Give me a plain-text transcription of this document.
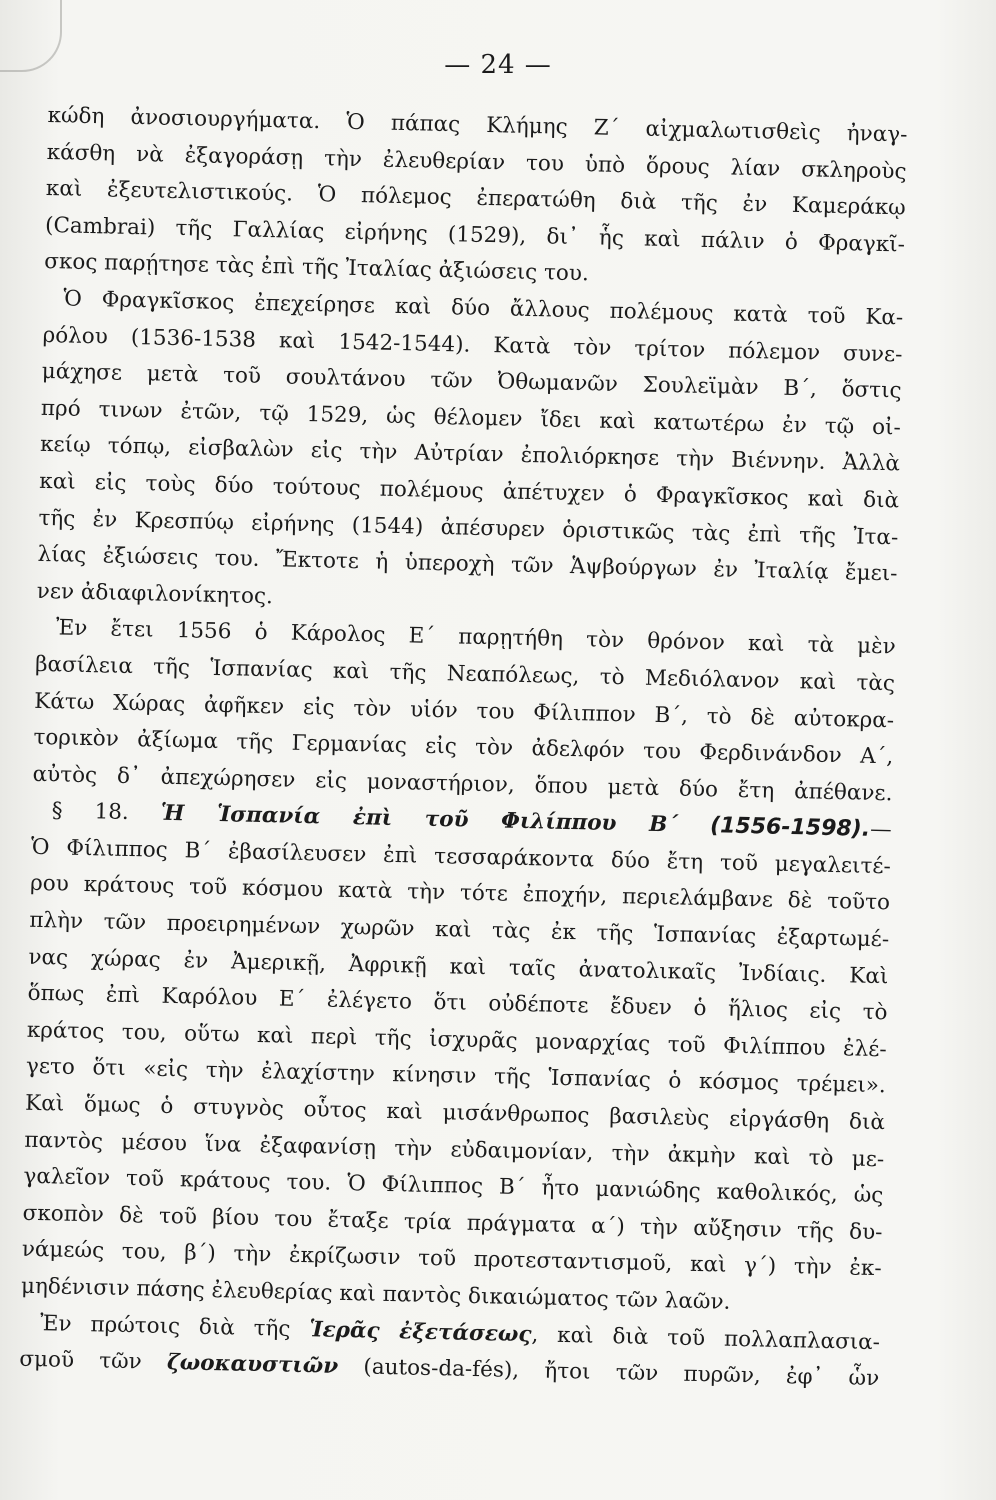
— 24 —
κώδη ἀνοσιουργήματα. Ὁ πάπας Κλήμης Ζ΄ αἰχμαλωτισθεὶς ἠναγ-
κάσθη νὰ ἐξαγοράσῃ τὴν ἐλευθερίαν του ὑπὸ ὅρους λίαν σκληροὺς
καὶ ἐξευτελιστικούς. Ὁ πόλεμος ἐπερατώθη διὰ τῆς ἐν Καμεράκῳ
(Cambrai) τῆς Γαλλίας εἰρήνης (1529), δι᾿ ἧς καὶ πάλιν ὁ Φραγκῖ-
σκος παρῄτησε τὰς ἐπὶ τῆς Ἰταλίας ἀξιώσεις του.
Ὁ Φραγκῖσκος ἐπεχείρησε καὶ δύο ἄλλους πολέμους κατὰ τοῦ Κα-
ρόλου (1536-1538 καὶ 1542-1544). Κατὰ τὸν τρίτον πόλεμον συνε-
μάχησε μετὰ τοῦ σουλτάνου τῶν Ὀθωμανῶν Σουλεϊμὰν Β΄, ὅστις
πρό τινων ἐτῶν, τῷ 1529, ὡς θέλομεν ἴδει καὶ κατωτέρω ἐν τῷ οἰ-
κείῳ τόπῳ, εἰσβαλὼν εἰς τὴν Αὐτρίαν ἐπολιόρκησε τὴν Βιέννην. Ἀλλὰ
καὶ εἰς τοὺς δύο τούτους πολέμους ἀπέτυχεν ὁ Φραγκῖσκος καὶ διὰ
τῆς ἐν Κρεσπύῳ εἰρήνης (1544) ἀπέσυρεν ὁριστικῶς τὰς ἐπὶ τῆς Ἰτα-
λίας ἐξιώσεις του. Ἔκτοτε ἡ ὑπεροχὴ τῶν Ἁψβούργων ἐν Ἰταλίᾳ ἔμει-
νεν ἀδιαφιλονίκητος.
Ἐν ἔτει 1556 ὁ Κάρολος Ε΄ παρῃτήθη τὸν θρόνον καὶ τὰ μὲν
βασίλεια τῆς Ἱσπανίας καὶ τῆς Νεαπόλεως, τὸ Μεδιόλανον καὶ τὰς
Κάτω Χώρας ἀφῆκεν εἰς τὸν υἱόν του Φίλιππον Β΄, τὸ δὲ αὐτοκρα-
τορικὸν ἀξίωμα τῆς Γερμανίας εἰς τὸν ἀδελφόν του Φερδινάνδον Α΄,
αὐτὸς δ᾿ ἀπεχώρησεν εἰς μοναστήριον, ὅπου μετὰ δύο ἔτη ἀπέθανε.
§ 18. Ἡ Ἱσπανία ἐπὶ τοῦ Φιλίππου Β΄ (1556-1598).—
Ὁ Φίλιππος Β΄ ἐβασίλευσεν ἐπὶ τεσσαράκοντα δύο ἔτη τοῦ μεγαλειτέ-
ρου κράτους τοῦ κόσμου κατὰ τὴν τότε ἐποχήν, περιελάμβανε δὲ τοῦτο
πλὴν τῶν προειρημένων χωρῶν καὶ τὰς ἐκ τῆς Ἱσπανίας ἐξαρτωμέ-
νας χώρας ἐν Ἀμερικῇ, Ἀφρικῇ καὶ ταῖς ἀνατολικαῖς Ἰνδίαις. Καὶ
ὅπως ἐπὶ Καρόλου Ε΄ ἐλέγετο ὅτι οὐδέποτε ἔδυεν ὁ ἥλιος εἰς τὸ
κράτος του, οὕτω καὶ περὶ τῆς ἰσχυρᾶς μοναρχίας τοῦ Φιλίππου ἐλέ-
γετο ὅτι «εἰς τὴν ἐλαχίστην κίνησιν τῆς Ἱσπανίας ὁ κόσμος τρέμει».
Καὶ ὅμως ὁ στυγνὸς οὗτος καὶ μισάνθρωπος βασιλεὺς εἰργάσθη διὰ
παντὸς μέσου ἵνα ἐξαφανίσῃ τὴν εὐδαιμονίαν, τὴν ἀκμὴν καὶ τὸ με-
γαλεῖον τοῦ κράτους του. Ὁ Φίλιππος Β΄ ἦτο μανιώδης καθολικός, ὡς
σκοπὸν δὲ τοῦ βίου του ἔταξε τρία πράγματα α΄) τὴν αὔξησιν τῆς δυ-
νάμεώς του, β΄) τὴν ἐκρίζωσιν τοῦ προτεσταντισμοῦ, καὶ γ΄) τὴν ἐκ-
μηδένισιν πάσης ἐλευθερίας καὶ παντὸς δικαιώματος τῶν λαῶν.
Ἐν πρώτοις διὰ τῆς Ἱερᾶς ἐξετάσεως, καὶ διὰ τοῦ πολλαπλασια-
σμοῦ τῶν ζωοκαυστιῶν (autos-da-fés), ἤτοι τῶν πυρῶν, ἐφ᾿ ὧν
